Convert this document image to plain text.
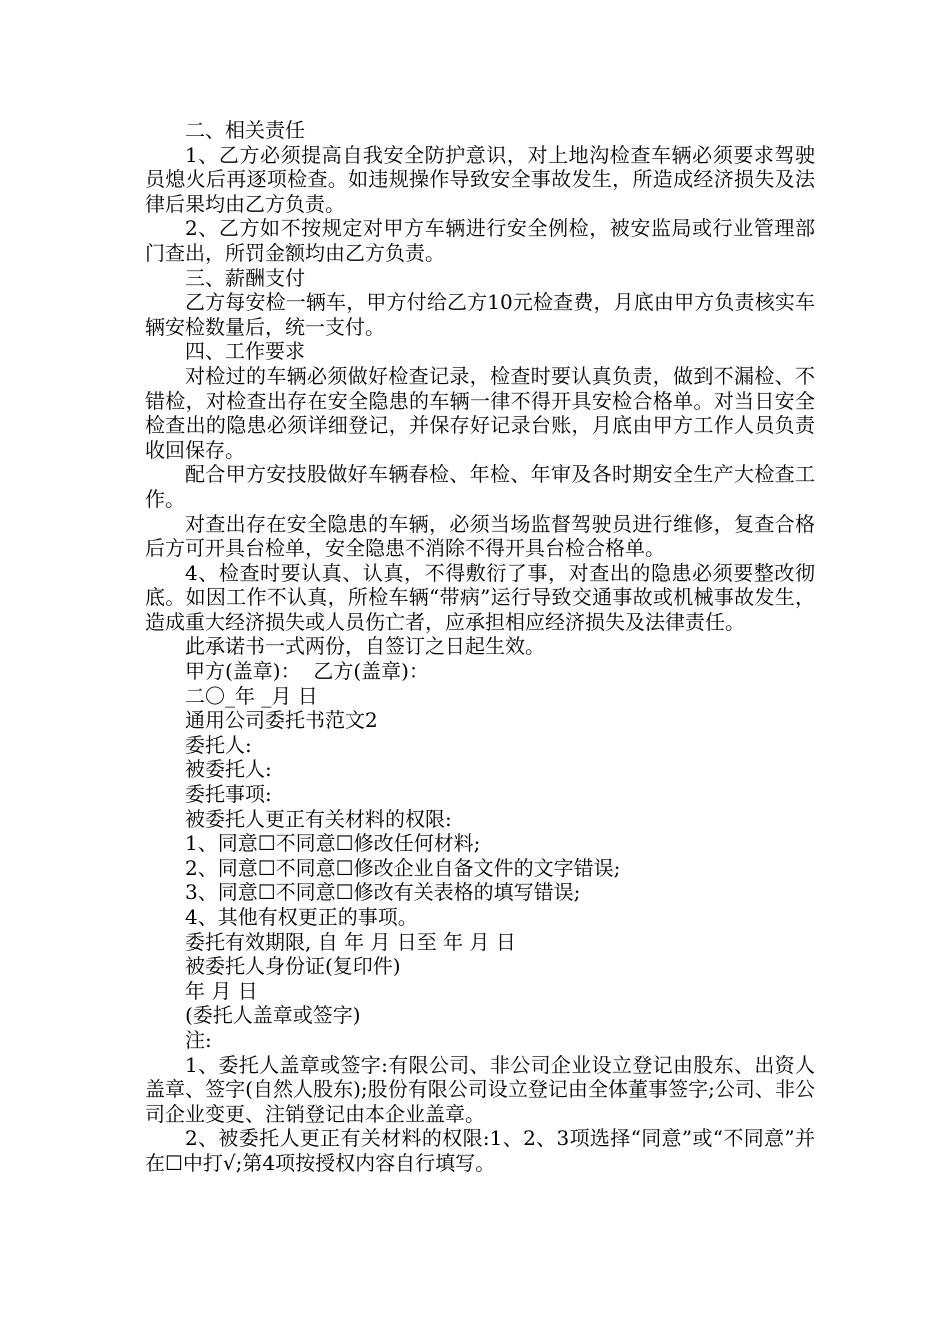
二、相关责任

1、乙方必须提高自我安全防护意识，对上地沟检查车辆必须要求驾驶员熄火后再逐项检查。如违规操作导致安全事故发生，所造成经济损失及法律后果均由乙方负责。

2、乙方如不按规定对甲方车辆进行安全例检，被安监局或行业管理部门查出，所罚金额均由乙方负责。

三、薪酬支付

乙方每安检一辆车，甲方付给乙方10元检查费，月底由甲方负责核实车辆安检数量后，统一支付。

四、工作要求

对检过的车辆必须做好检查记录，检查时要认真负责，做到不漏检、不错检，对检查出存在安全隐患的车辆一律不得开具安检合格单。对当日安全检查出的隐患必须详细登记，并保存好记录台账，月底由甲方工作人员负责收回保存。

配合甲方安技股做好车辆春检、年检、年审及各时期安全生产大检查工作。

对查出存在安全隐患的车辆，必须当场监督驾驶员进行维修，复查合格后方可开具台检单，安全隐患不消除不得开具台检合格单。

4、检查时要认真、认真，不得敷衍了事，对查出的隐患必须要整改彻底。如因工作不认真，所检车辆“带病”运行导致交通事故或机械事故发生，造成重大经济损失或人员伤亡者，应承担相应经济损失及法律责任。

此承诺书一式两份，自签订之日起生效。

甲方(盖章)：  乙方(盖章)：

二〇_年 _月 日

通用公司委托书范文2

委托人:

被委托人:

委托事项:

被委托人更正有关材料的权限:

1、同意☐不同意☐修改任何材料;

2、同意☐不同意☐修改企业自备文件的文字错误;

3、同意☐不同意☐修改有关表格的填写错误;

4、其他有权更正的事项。

委托有效期限, 自 年 月 日至 年 月 日

被委托人身份证(复印件)

年 月 日

(委托人盖章或签字)

注:

1、委托人盖章或签字:有限公司、非公司企业设立登记由股东、出资人盖章、签字(自然人股东);股份有限公司设立登记由全体董事签字;公司、非公司企业变更、注销登记由本企业盖章。

2、被委托人更正有关材料的权限:1、2、3项选择“同意”或“不同意”并在☐中打√;第4项按授权内容自行填写。
